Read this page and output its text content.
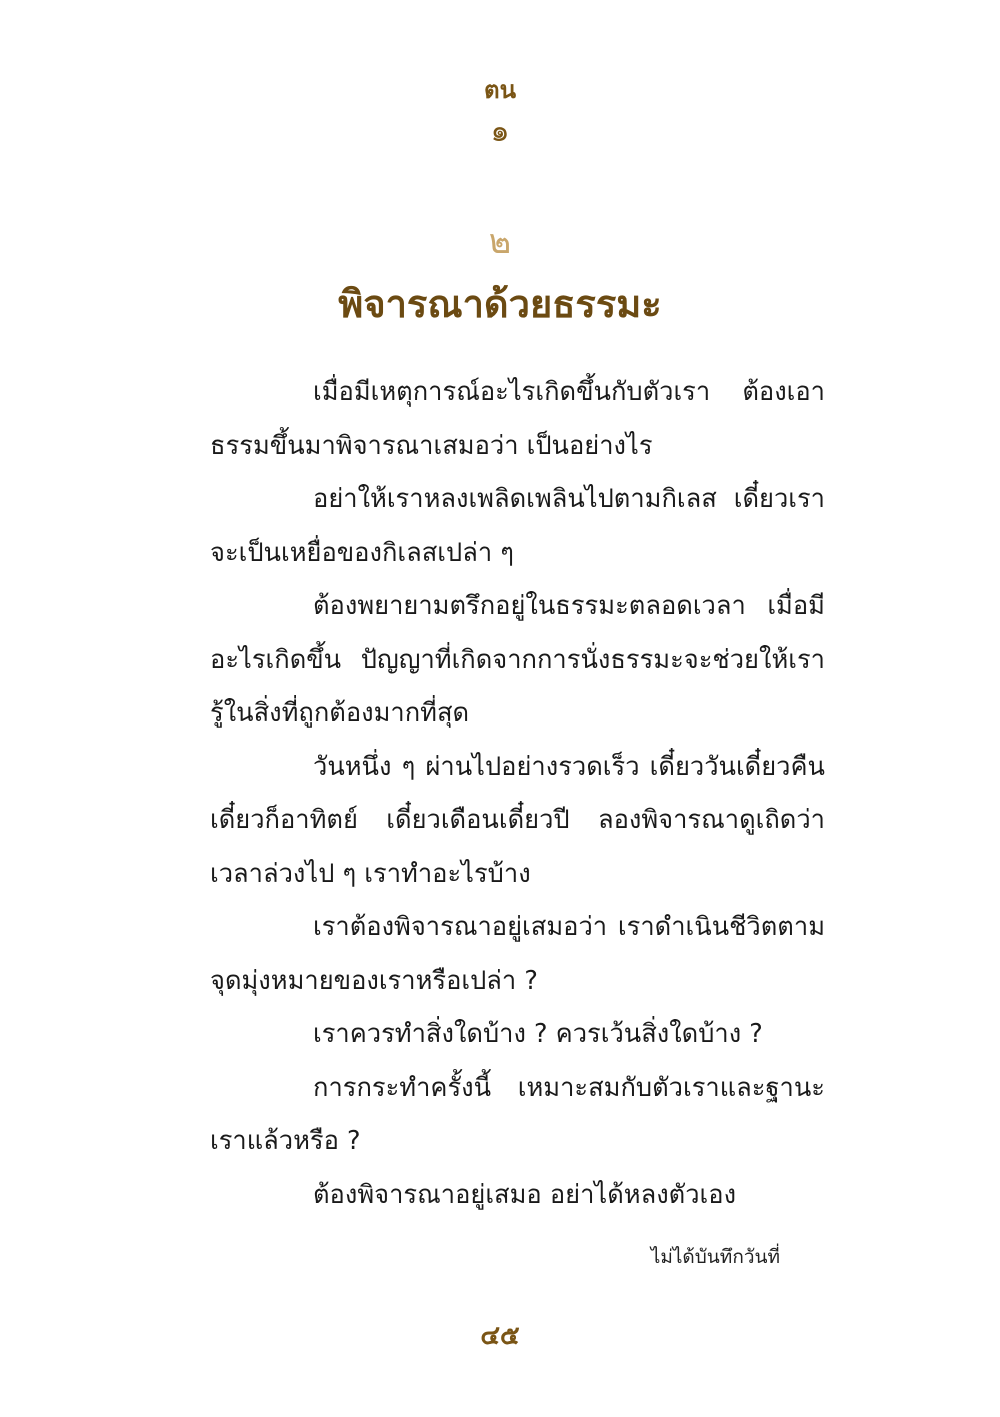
ตน
๑
๒
พิจารณาด้วยธรรมะ

เมื่อมีเหตุการณ์อะไรเกิดขึ้นกับตัวเรา ต้องเอาธรรมขึ้นมาพิจารณาเสมอว่า เป็นอย่างไร

อย่าให้เราหลงเพลิดเพลินไปตามกิเลส เดี๋ยวเราจะเป็นเหยื่อของกิเลสเปล่า ๆ

ต้องพยายามตรึกอยู่ในธรรมะตลอดเวลา เมื่อมีอะไรเกิดขึ้น ปัญญาที่เกิดจากการนั่งธรรมะจะช่วยให้เรารู้ในสิ่งที่ถูกต้องมากที่สุด

วันหนึ่ง ๆ ผ่านไปอย่างรวดเร็ว เดี๋ยววันเดี๋ยวคืนเดี๋ยวก็อาทิตย์ เดี๋ยวเดือนเดี๋ยวปี ลองพิจารณาดูเถิดว่าเวลาล่วงไป ๆ เราทำอะไรบ้าง

เราต้องพิจารณาอยู่เสมอว่า เราดำเนินชีวิตตามจุดมุ่งหมายของเราหรือเปล่า ?

เราควรทำสิ่งใดบ้าง ? ควรเว้นสิ่งใดบ้าง ?

การกระทำครั้งนี้ เหมาะสมกับตัวเราและฐานะเราแล้วหรือ ?

ต้องพิจารณาอยู่เสมอ อย่าได้หลงตัวเอง

ไม่ได้บันทึกวันที่
๔๕
